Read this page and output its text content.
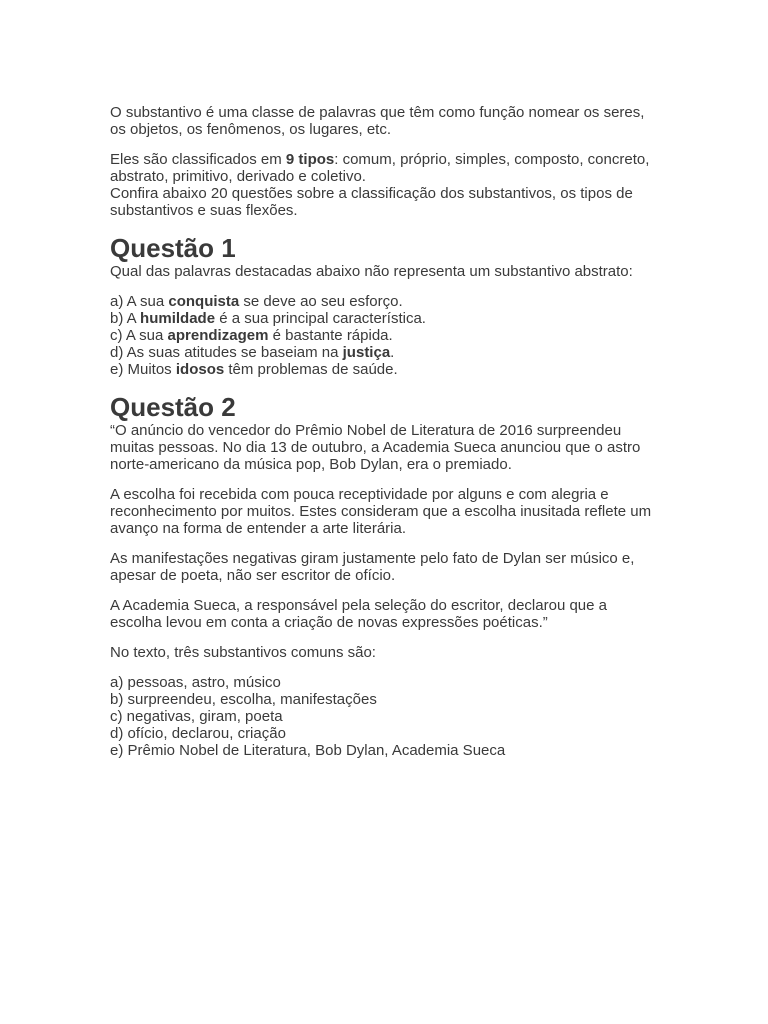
O substantivo é uma classe de palavras que têm como função nomear os seres, os objetos, os fenômenos, os lugares, etc.

Eles são classificados em 9 tipos: comum, próprio, simples, composto, concreto, abstrato, primitivo, derivado e coletivo.

Confira abaixo 20 questões sobre a classificação dos substantivos, os tipos de substantivos e suas flexões.

Questão 1

Qual das palavras destacadas abaixo não representa um substantivo abstrato:

a) A sua conquista se deve ao seu esforço.
b) A humildade é a sua principal característica.
c) A sua aprendizagem é bastante rápida.
d) As suas atitudes se baseiam na justiça.
e) Muitos idosos têm problemas de saúde.
Questão 2

“O anúncio do vencedor do Prêmio Nobel de Literatura de 2016 surpreendeu muitas pessoas. No dia 13 de outubro, a Academia Sueca anunciou que o astro norte-americano da música pop, Bob Dylan, era o premiado.

A escolha foi recebida com pouca receptividade por alguns e com alegria e reconhecimento por muitos. Estes consideram que a escolha inusitada reflete um avanço na forma de entender a arte literária.

As manifestações negativas giram justamente pelo fato de Dylan ser músico e, apesar de poeta, não ser escritor de ofício.

A Academia Sueca, a responsável pela seleção do escritor, declarou que a escolha levou em conta a criação de novas expressões poéticas.”

No texto, três substantivos comuns são:

a) pessoas, astro, músico
b) surpreendeu, escolha, manifestações
c) negativas, giram, poeta
d) ofício, declarou, criação
e) Prêmio Nobel de Literatura, Bob Dylan, Academia Sueca
